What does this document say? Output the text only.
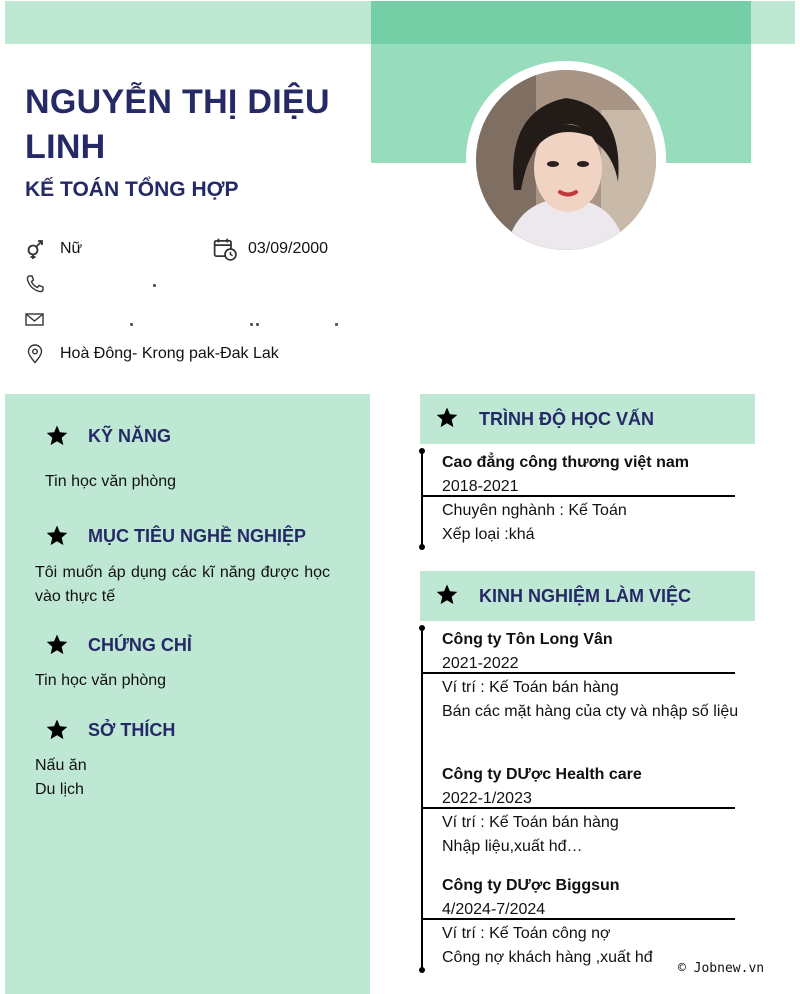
NGUYỄN THỊ DIỆU LINH
KẾ TOÁN TỔNG HỢP
Nữ	03/09/2000
Hoà Đông- Krong pak-Đak Lak
KỸ NĂNG
Tin học văn phòng
MỤC TIÊU NGHỀ NGHIỆP
Tôi muốn áp dụng các kĩ năng được học vào thực tế
CHỨNG CHỈ
Tin học văn phòng
SỞ THÍCH
Nấu ăn
Du lịch
TRÌNH ĐỘ HỌC VẤN
Cao đẳng công thương việt nam
2018-2021
Chuyên nghành : Kế Toán
Xếp loại :khá
KINH NGHIỆM LÀM VIỆC
Công ty Tôn Long Vân
2021-2022
Ví trí : Kế Toán bán hàng
Bán các mặt hàng của cty và nhập số liệu
Công ty DƯợc Health care
2022-1/2023
Ví trí : Kế Toán bán hàng
Nhập liệu,xuất hđ…
Công ty DƯợc Biggsun
4/2024-7/2024
Ví trí : Kế Toán công nợ
Công nợ khách hàng ,xuất hđ
© Jobnew.vn
